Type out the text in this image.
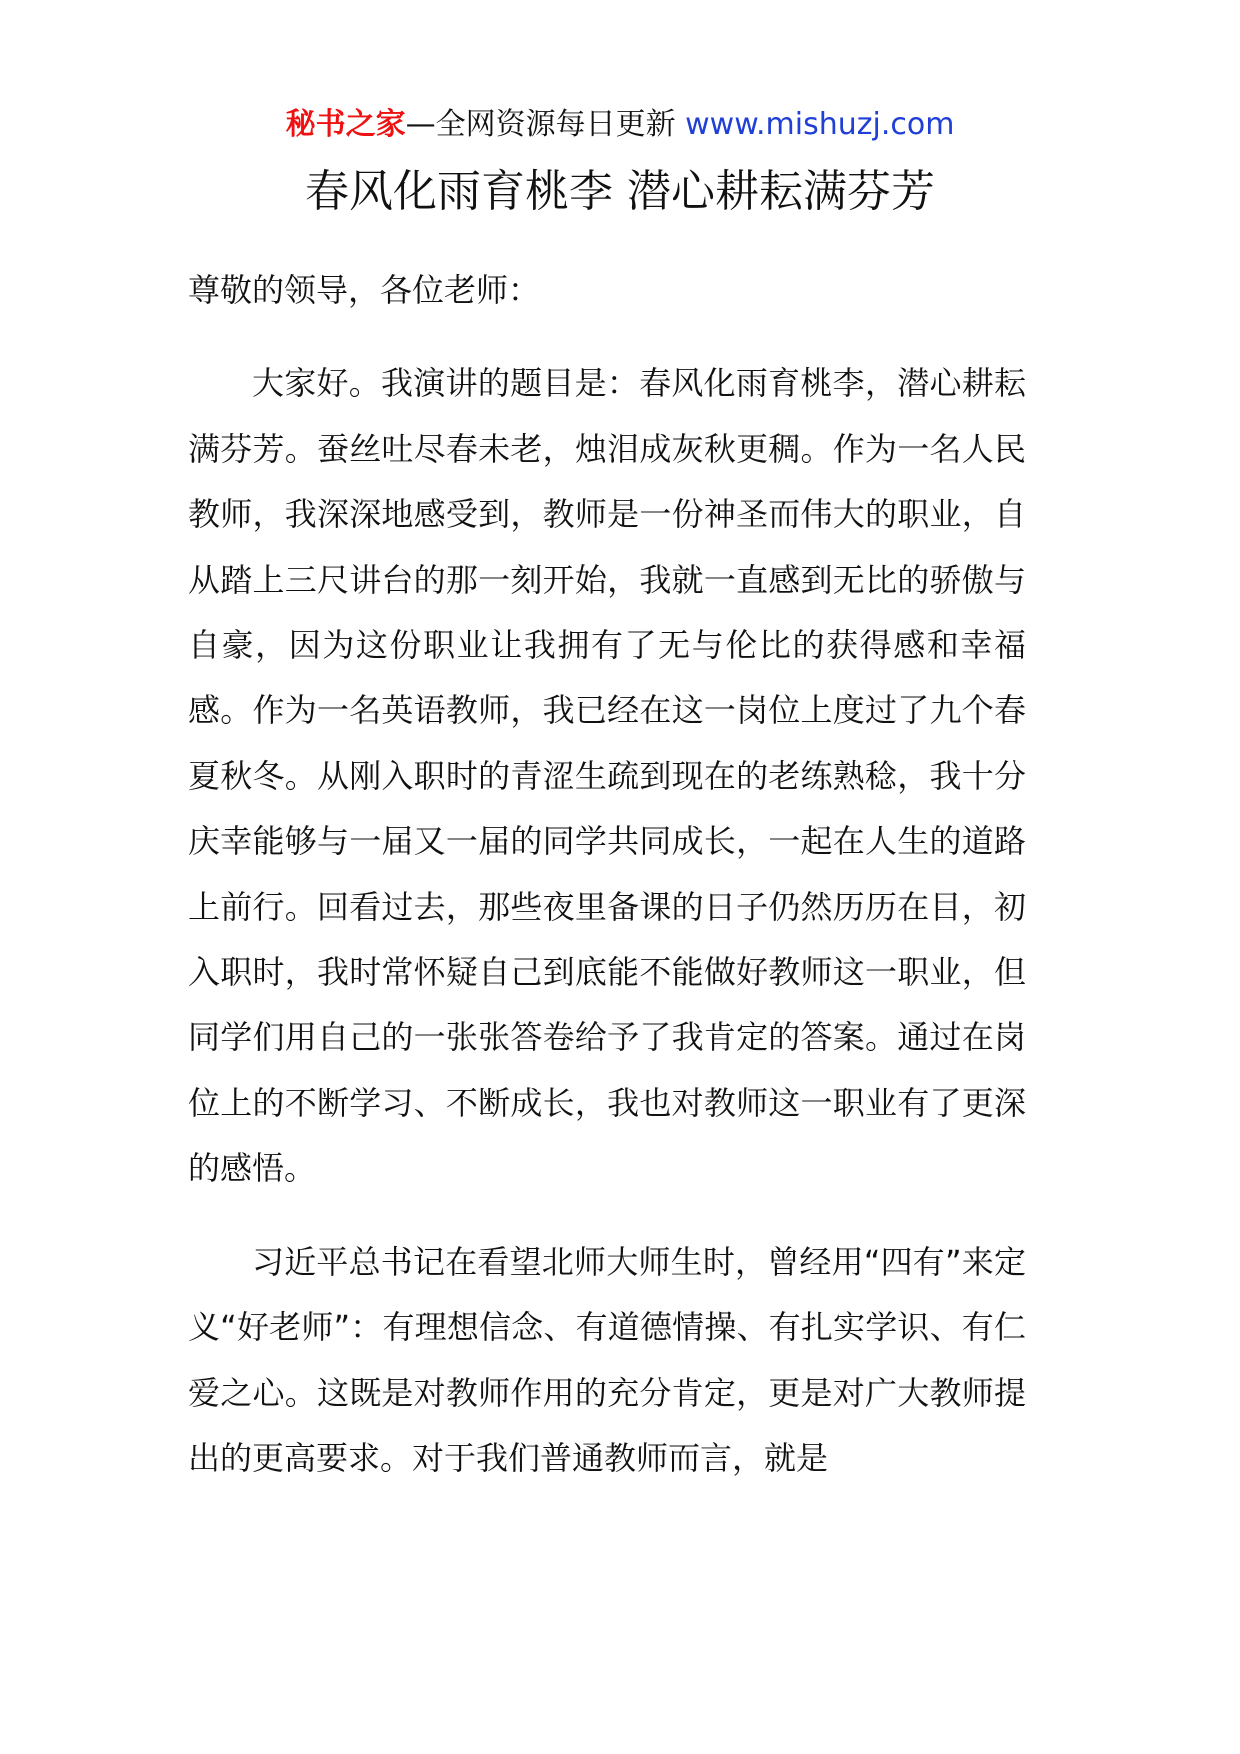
秘书之家—全网资源每日更新 www.mishuzj.com
春风化雨育桃李 潜心耕耘满芬芳

尊敬的领导，各位老师：

大家好。我演讲的题目是：春风化雨育桃李，潜心耕耘满芬芳。蚕丝吐尽春未老，烛泪成灰秋更稠。作为一名人民教师，我深深地感受到，教师是一份神圣而伟大的职业，自从踏上三尺讲台的那一刻开始，我就一直感到无比的骄傲与自豪，因为这份职业让我拥有了无与伦比的获得感和幸福感。作为一名英语教师，我已经在这一岗位上度过了九个春夏秋冬。从刚入职时的青涩生疏到现在的老练熟稔，我十分庆幸能够与一届又一届的同学共同成长，一起在人生的道路上前行。回看过去，那些夜里备课的日子仍然历历在目，初入职时，我时常怀疑自己到底能不能做好教师这一职业，但同学们用自己的一张张答卷给予了我肯定的答案。通过在岗位上的不断学习、不断成长，我也对教师这一职业有了更深的感悟。

习近平总书记在看望北师大师生时，曾经用“四有”来定义“好老师”：有理想信念、有道德情操、有扎实学识、有仁爱之心。这既是对教师作用的充分肯定，更是对广大教师提出的更高要求。对于我们普通教师而言，就是
